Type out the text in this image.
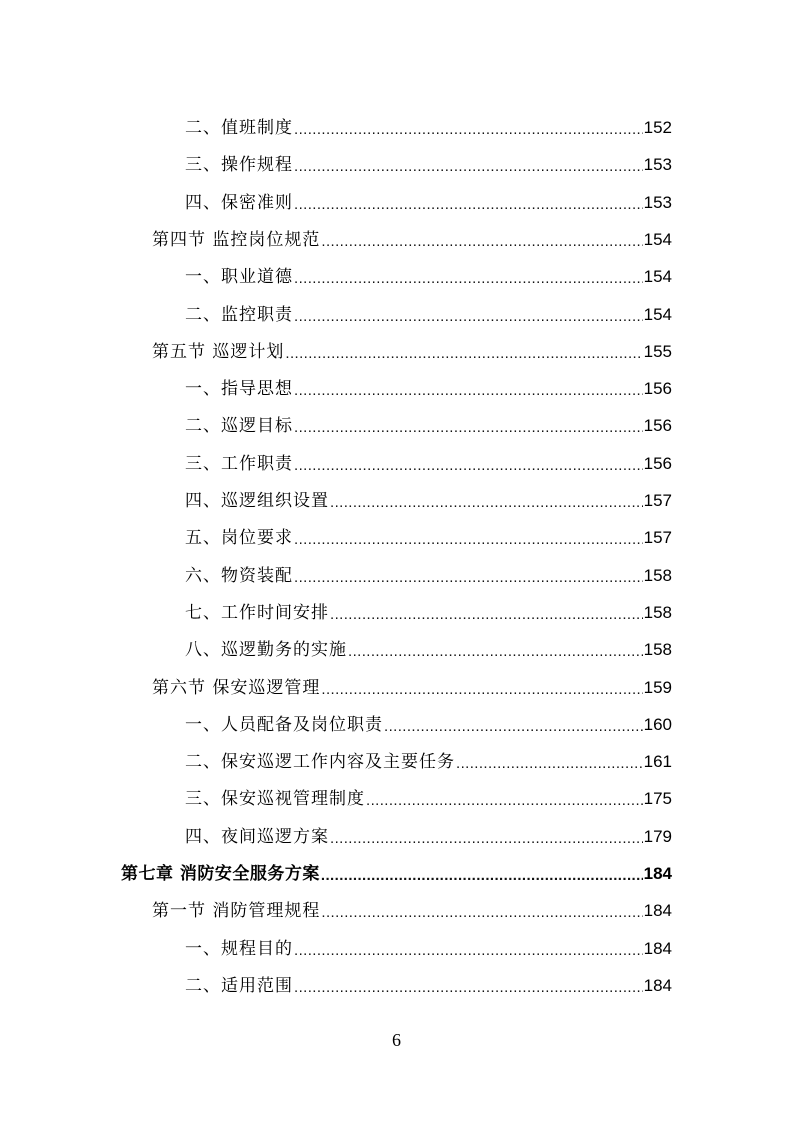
二、值班制度 .....	152
三、操作规程 .....	153
四、保密准则 .....	153
第四节 监控岗位规范 .....	154
一、职业道德 .....	154
二、监控职责 .....	154
第五节 巡逻计划 .....	155
一、指导思想 .....	156
二、巡逻目标 .....	156
三、工作职责 .....	156
四、巡逻组织设置 .....	157
五、岗位要求 .....	157
六、物资装配 .....	158
七、工作时间安排 .....	158
八、巡逻勤务的实施 .....	158
第六节 保安巡逻管理 .....	159
一、人员配备及岗位职责 .....	160
二、保安巡逻工作内容及主要任务 .....	161
三、保安巡视管理制度 .....	175
四、夜间巡逻方案 .....	179
第七章 消防安全服务方案 .....	184
第一节 消防管理规程 .....	184
一、规程目的 .....	184
二、适用范围 .....	184
6
